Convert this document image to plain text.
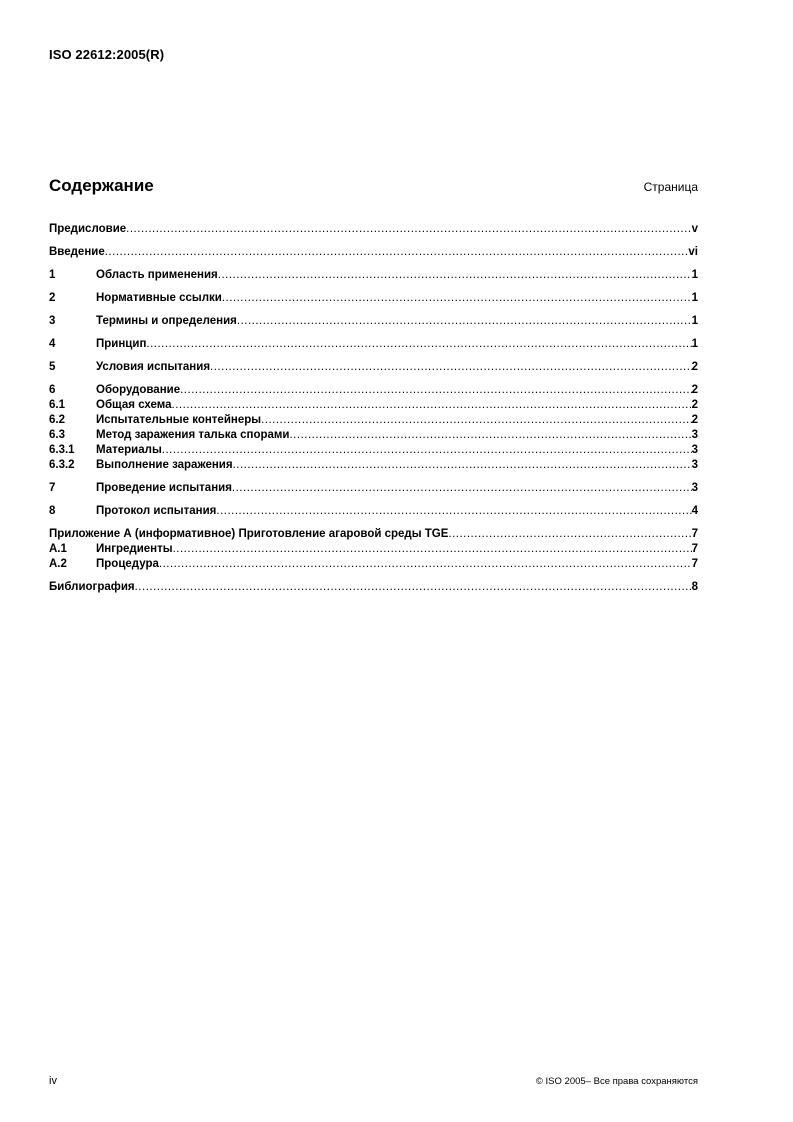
ISO 22612:2005(R)
Содержание	Страница
Предисловие .....	v
Введение .....	vi
1	Область применения .....	1
2	Нормативные ссылки .....	1
3	Термины и определения .....	1
4	Принцип .....	1
5	Условия испытания .....	2
6	Оборудование .....	2
6.1	Общая схема .....	2
6.2	Испытательные контейнеры .....	2
6.3	Метод заражения талька спорами .....	3
6.3.1	Материалы .....	3
6.3.2	Выполнение заражения .....	3
7	Проведение испытания .....	3
8	Протокол испытания .....	4
Приложение А (информативное) Приготовление агаровой среды TGE .....	7
A.1	Ингредиенты .....	7
A.2	Процедура .....	7
Библиография .....	8
iv	© ISO 2005– Все права сохраняются
